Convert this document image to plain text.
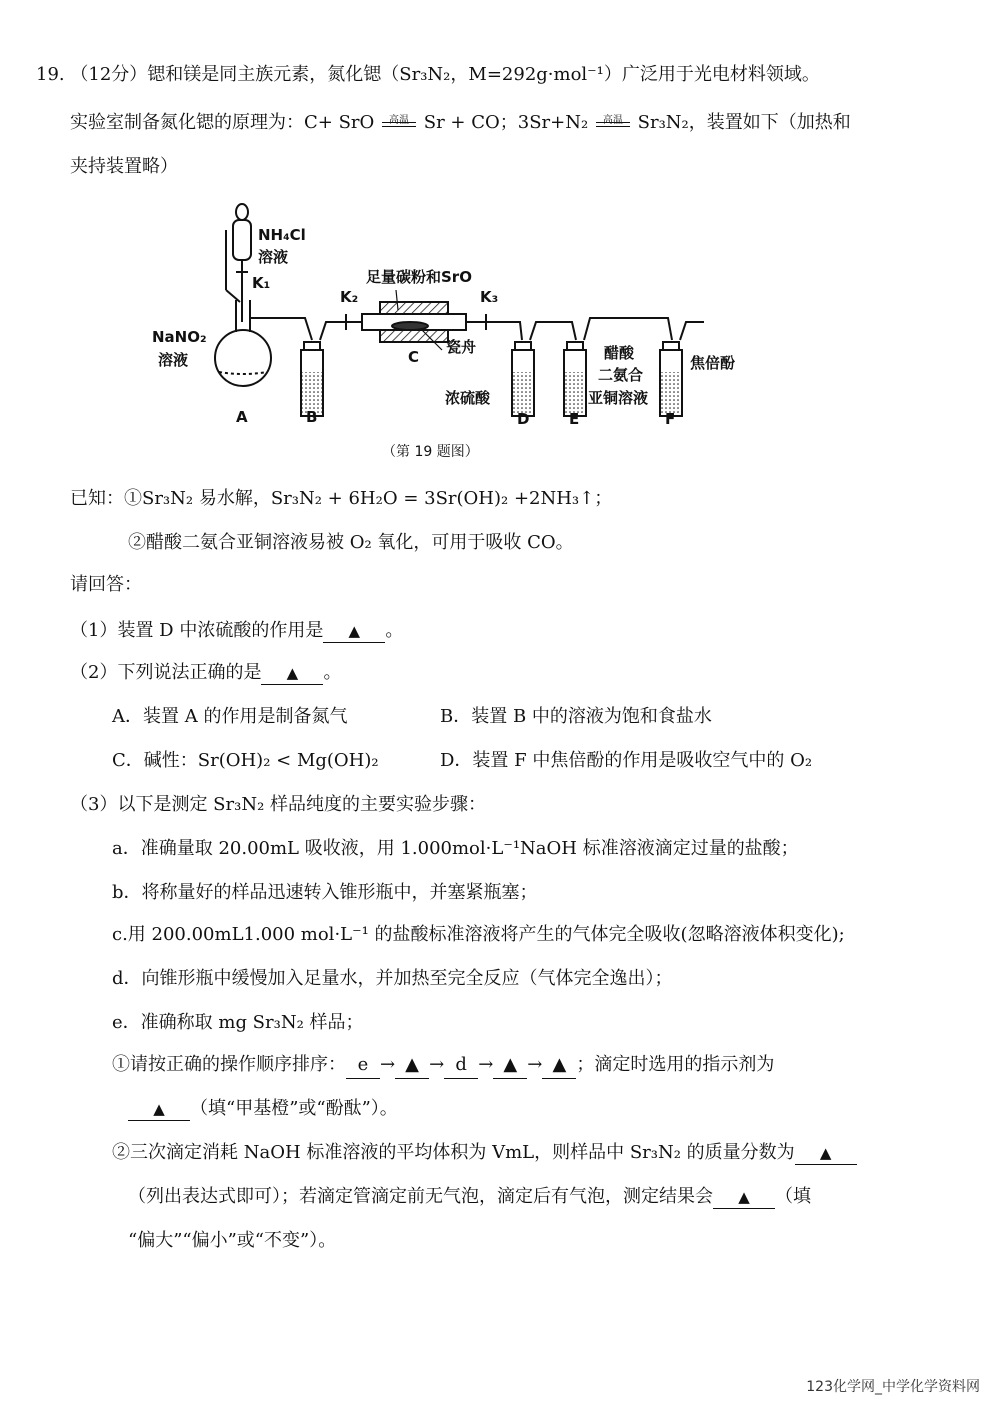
19. （12分）锶和镁是同主族元素，氮化锶（Sr₃N₂，M=292g·mol⁻¹）广泛用于光电材料领域。
实验室制备氮化锶的原理为：C+ SrO	高温 Sr + CO；3Sr+N₂	高温 Sr₃N₂，装置如下（加热和
夹持装置略）
NH₄Cl
溶液
K₁
K₂	K₃
NaNO₂
溶液
足量碳粉和SrO
瓷舟
浓硫酸
醋酸
二氨合
亚铜溶液
焦倍酚
A	B
C
D	E	F
（第 19 题图）
已知：①Sr₃N₂ 易水解，Sr₃N₂ + 6H₂O = 3Sr(OH)₂ +2NH₃↑；
②醋酸二氨合亚铜溶液易被 O₂ 氧化，可用于吸收 CO。
请回答：
（1）装置 D 中浓硫酸的作用是 ▲ 。
（2）下列说法正确的是 ▲ 。
A．装置 A 的作用是制备氮气	B．装置 B 中的溶液为饱和食盐水
C．碱性：Sr(OH)₂ < Mg(OH)₂	D．装置 F 中焦倍酚的作用是吸收空气中的 O₂
（3）以下是测定 Sr₃N₂ 样品纯度的主要实验步骤：
a．准确量取 20.00mL 吸收液，用 1.000mol·L⁻¹NaOH 标准溶液滴定过量的盐酸；
b．将称量好的样品迅速转入锥形瓶中，并塞紧瓶塞；
c.用 200.00mL1.000 mol·L⁻¹ 的盐酸标准溶液将产生的气体完全吸收(忽略溶液体积变化);
d．向锥形瓶中缓慢加入足量水，并加热至完全反应（气体完全逸出）；
e．准确称取 mg Sr₃N₂ 样品；
①请按正确的操作顺序排序： e → ▲ → d → ▲ → ▲ ；滴定时选用的指示剂为
▲ （填“甲基橙”或“酚酞”）。
②三次滴定消耗 NaOH 标准溶液的平均体积为 VmL，则样品中 Sr₃N₂ 的质量分数为 ▲
（列出表达式即可）；若滴定管滴定前无气泡，滴定后有气泡，测定结果会 ▲ （填
“偏大”“偏小”或“不变”）。
123化学网_中学化学资料网
